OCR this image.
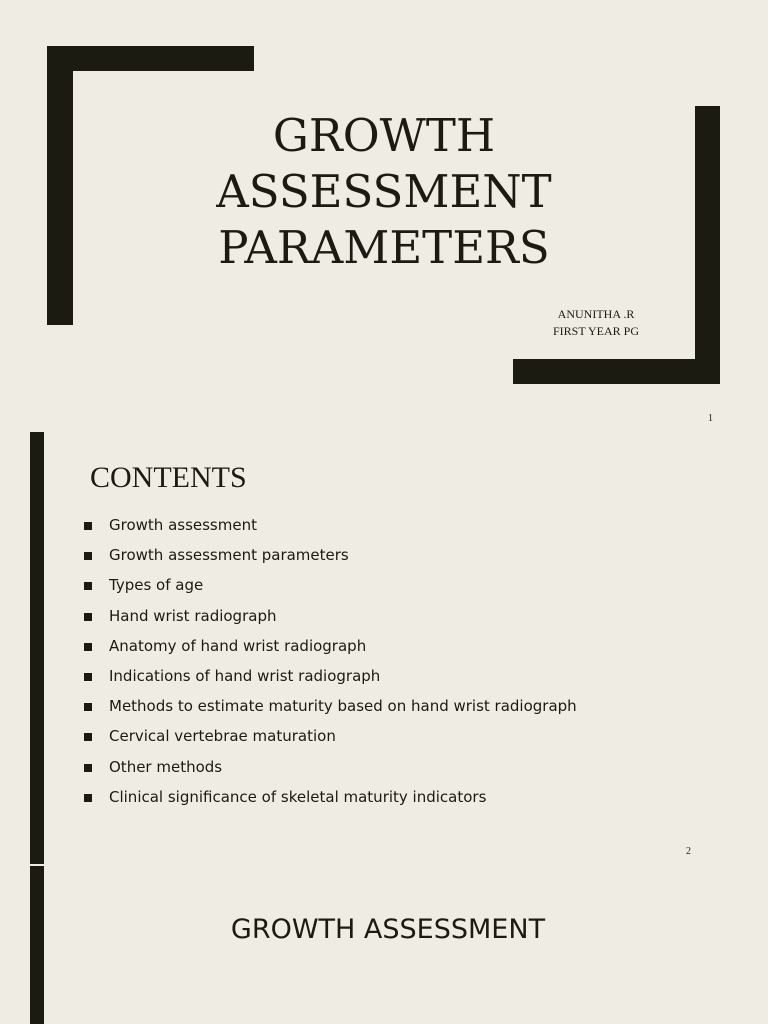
GROWTH
ASSESSMENT
PARAMETERS
ANUNITHA .R
FIRST YEAR PG
1
CONTENTS
Growth assessment
Growth assessment parameters
Types of age
Hand wrist radiograph
Anatomy of hand wrist radiograph
Indications of hand wrist radiograph
Methods to estimate maturity based on hand wrist radiograph
Cervical vertebrae maturation
Other methods
Clinical significance of skeletal maturity indicators
2
GROWTH ASSESSMENT
